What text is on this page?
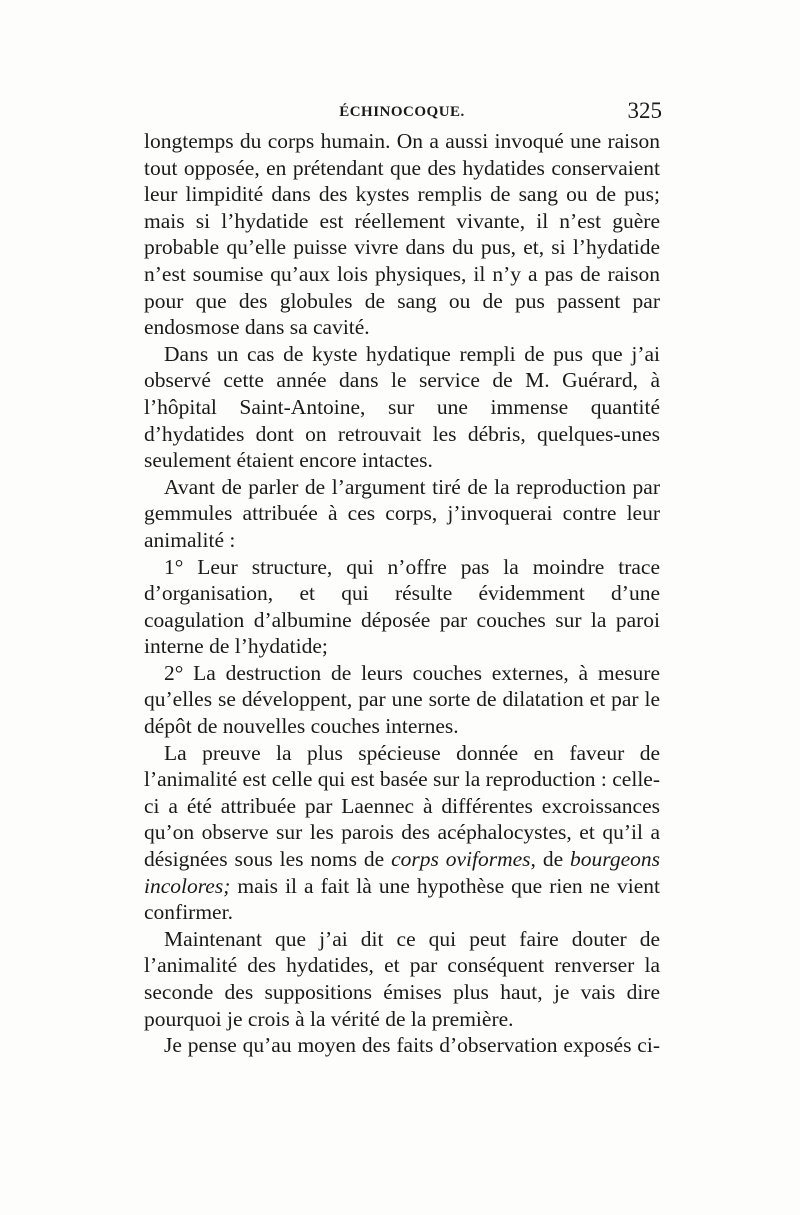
ÉCHINOCOQUE.	325

longtemps du corps humain. On a aussi invoqué une raison tout opposée, en prétendant que des hydatides conservaient leur limpidité dans des kystes remplis de sang ou de pus; mais si l’hydatide est réellement vivante, il n’est guère probable qu’elle puisse vivre dans du pus, et, si l’hydatide n’est soumise qu’aux lois physiques, il n’y a pas de raison pour que des globules de sang ou de pus passent par endosmose dans sa cavité.

Dans un cas de kyste hydatique rempli de pus que j’ai observé cette année dans le service de M. Guérard, à l’hôpital Saint-Antoine, sur une immense quantité d’hydatides dont on retrouvait les débris, quelques-unes seulement étaient encore intactes.

Avant de parler de l’argument tiré de la reproduction par gemmules attribuée à ces corps, j’invoquerai contre leur animalité :

1° Leur structure, qui n’offre pas la moindre trace d’organisation, et qui résulte évidemment d’une coagulation d’albumine déposée par couches sur la paroi interne de l’hydatide;

2° La destruction de leurs couches externes, à mesure qu’elles se développent, par une sorte de dilatation et par le dépôt de nouvelles couches internes.

La preuve la plus spécieuse donnée en faveur de l’animalité est celle qui est basée sur la reproduction : celle-ci a été attribuée par Laennec à différentes excroissances qu’on observe sur les parois des acéphalocystes, et qu’il a désignées sous les noms de corps oviformes, de bourgeons incolores; mais il a fait là une hypothèse que rien ne vient confirmer.

Maintenant que j’ai dit ce qui peut faire douter de l’animalité des hydatides, et par conséquent renverser la seconde des suppositions émises plus haut, je vais dire pourquoi je crois à la vérité de la première.

Je pense qu’au moyen des faits d’observation exposés ci-
